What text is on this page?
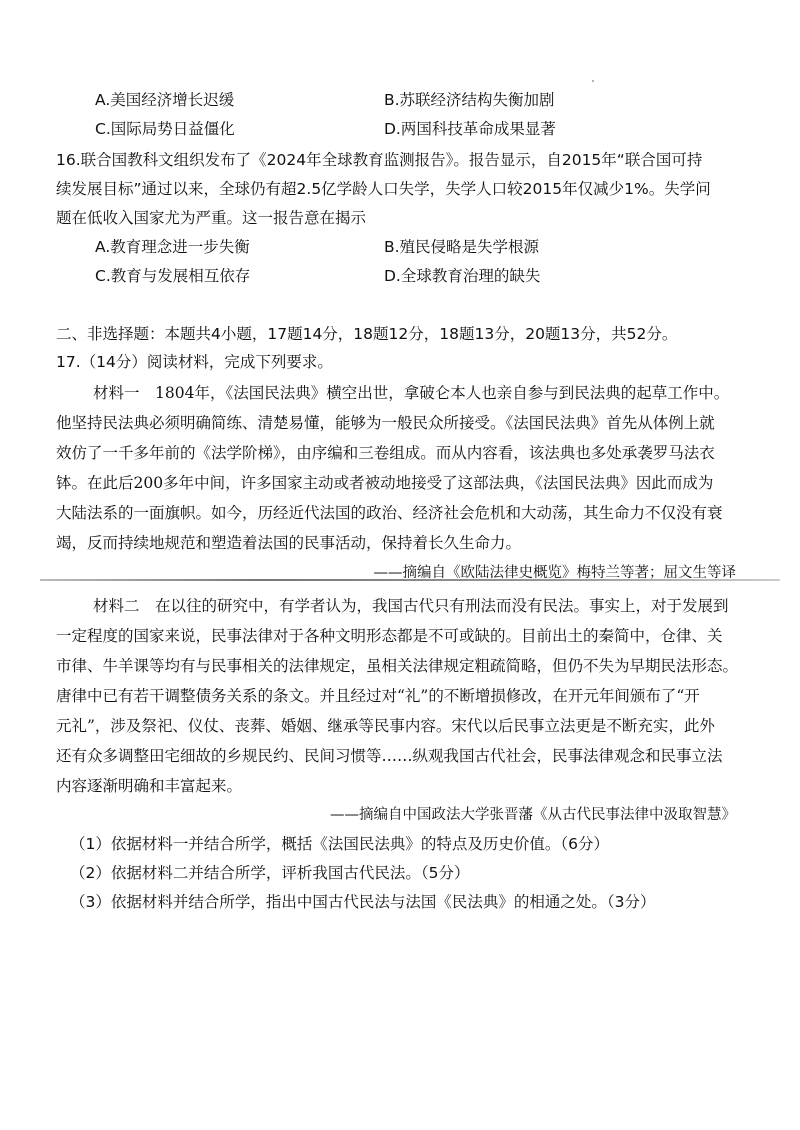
A.美国经济增长迟缓	B.苏联经济结构失衡加剧
C.国际局势日益僵化	D.两国科技革命成果显著
16.联合国教科文组织发布了《2024年全球教育监测报告》。报告显示，自2015年“联合国可持
续发展目标”通过以来，全球仍有超2.5亿学龄人口失学，失学人口较2015年仅减少1%。失学问
题在低收入国家尤为严重。这一报告意在揭示
A.教育理念进一步失衡	B.殖民侵略是失学根源
C.教育与发展相互依存	D.全球教育治理的缺失
二、非选择题：本题共4小题，17题14分，18题12分，18题13分，20题13分，共52分。
17.（14分）阅读材料，完成下列要求。
材料一　1804年，《法国民法典》横空出世，拿破仑本人也亲自参与到民法典的起草工作中。
他坚持民法典必须明确简练、清楚易懂，能够为一般民众所接受。《法国民法典》首先从体例上就
效仿了一千多年前的《法学阶梯》，由序编和三卷组成。而从内容看，该法典也多处承袭罗马法衣
钵。在此后200多年中间，许多国家主动或者被动地接受了这部法典，《法国民法典》因此而成为
大陆法系的一面旗帜。如今，历经近代法国的政治、经济社会危机和大动荡，其生命力不仅没有衰
竭，反而持续地规范和塑造着法国的民事活动，保持着长久生命力。
——摘编自《欧陆法律史概览》梅特兰等著；屈文生等译
材料二　在以往的研究中，有学者认为，我国古代只有刑法而没有民法。事实上，对于发展到
一定程度的国家来说，民事法律对于各种文明形态都是不可或缺的。目前出土的秦简中，仓律、关
市律、牛羊课等均有与民事相关的法律规定，虽相关法律规定粗疏简略，但仍不失为早期民法形态。
唐律中已有若干调整债务关系的条文。并且经过对“礼”的不断增损修改，在开元年间颁布了“开
元礼”，涉及祭祀、仪仗、丧葬、婚姻、继承等民事内容。宋代以后民事立法更是不断充实，此外
还有众多调整田宅细故的乡规民约、民间习惯等……纵观我国古代社会，民事法律观念和民事立法
内容逐渐明确和丰富起来。
——摘编自中国政法大学张晋藩《从古代民事法律中汲取智慧》
（1）依据材料一并结合所学，概括《法国民法典》的特点及历史价值。（6分）
（2）依据材料二并结合所学，评析我国古代民法。（5分）
（3）依据材料并结合所学，指出中国古代民法与法国《民法典》的相通之处。（3分）
